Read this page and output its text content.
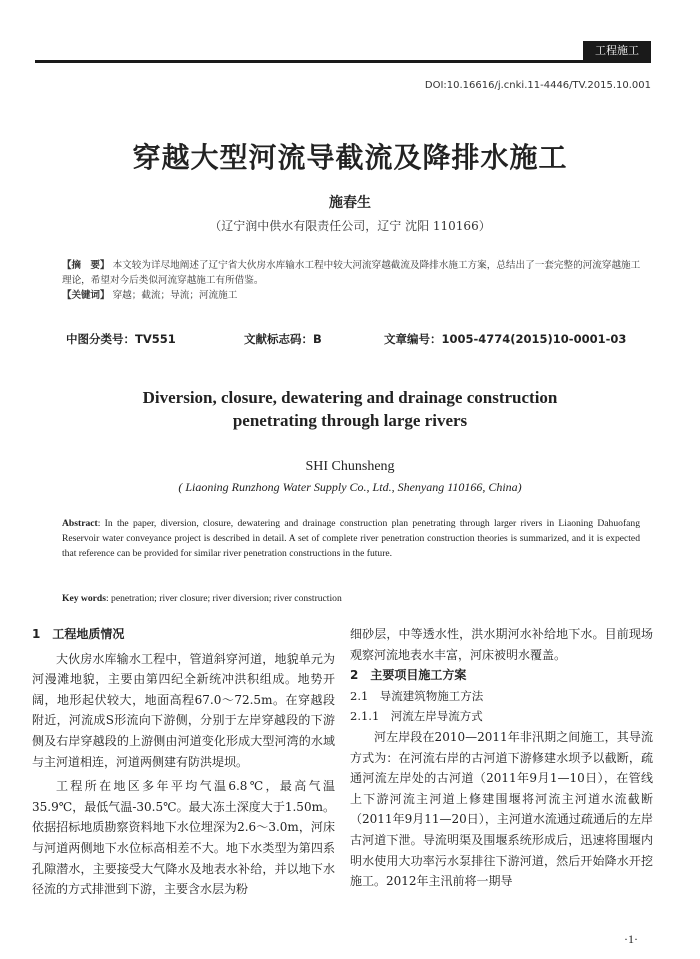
工程施工
DOI:10.16616/j.cnki.11-4446/TV.2015.10.001
穿越大型河流导截流及降排水施工
施春生
（辽宁润中供水有限责任公司，辽宁 沈阳 110166）
【摘　要】 本文较为详尽地阐述了辽宁省大伙房水库输水工程中较大河流穿越截流及降排水施工方案，总结出了一套完整的河流穿越施工理论，希望对今后类似河流穿越施工有所借鉴。
【关键词】 穿越；截流；导流；河流施工
中图分类号：TV551	文献标志码：B	文章编号：1005-4774(2015)10-0001-03
Diversion, closure, dewatering and drainage construction
penetrating through large rivers
SHI Chunsheng
( Liaoning Runzhong Water Supply Co., Ltd., Shenyang 110166, China)
Abstract: In the paper, diversion, closure, dewatering and drainage construction plan penetrating through larger rivers in Liaoning Dahuofang Reservoir water conveyance project is described in detail. A set of complete river penetration construction theories is summarized, and it is expected that reference can be provided for similar river penetration constructions in the future.
Key words: penetration; river closure; river diversion; river construction
1　工程地质情况

大伙房水库输水工程中，管道斜穿河道，地貌单元为河漫滩地貌，主要由第四纪全新统冲洪积组成。地势开阔，地形起伏较大，地面高程67.0～72.5m。在穿越段附近，河流成S形流向下游侧，分别于左岸穿越段的下游侧及右岸穿越段的上游侧由河道变化形成大型河湾的水域与主河道相连，河道两侧建有防洪堤坝。

工程所在地区多年平均气温6.8℃，最高气温35.9℃，最低气温-30.5℃。最大冻土深度大于1.50m。依据招标地质勘察资料地下水位埋深为2.6～3.0m，河床与河道两侧地下水位标高相差不大。地下水类型为第四系孔隙潜水，主要接受大气降水及地表水补给，并以地下水径流的方式排泄到下游，主要含水层为粉

细砂层，中等透水性，洪水期河水补给地下水。目前现场观察河流地表水丰富，河床被明水覆盖。

2　主要项目施工方案
2.1　导流建筑物施工方法
2.1.1　河流左岸导流方式

河左岸段在2010—2011年非汛期之间施工，其导流方式为：在河流右岸的古河道下游修建水坝予以截断，疏通河流左岸处的古河道（2011年9月1—10日），在管线上下游河流主河道上修建围堰将河流主河道水流截断（2011年9月11—20日），主河道水流通过疏通后的左岸古河道下泄。导流明渠及围堰系统形成后，迅速将围堰内明水使用大功率污水泵排往下游河道，然后开始降水开挖施工。2012年主汛前将一期导

·1·
